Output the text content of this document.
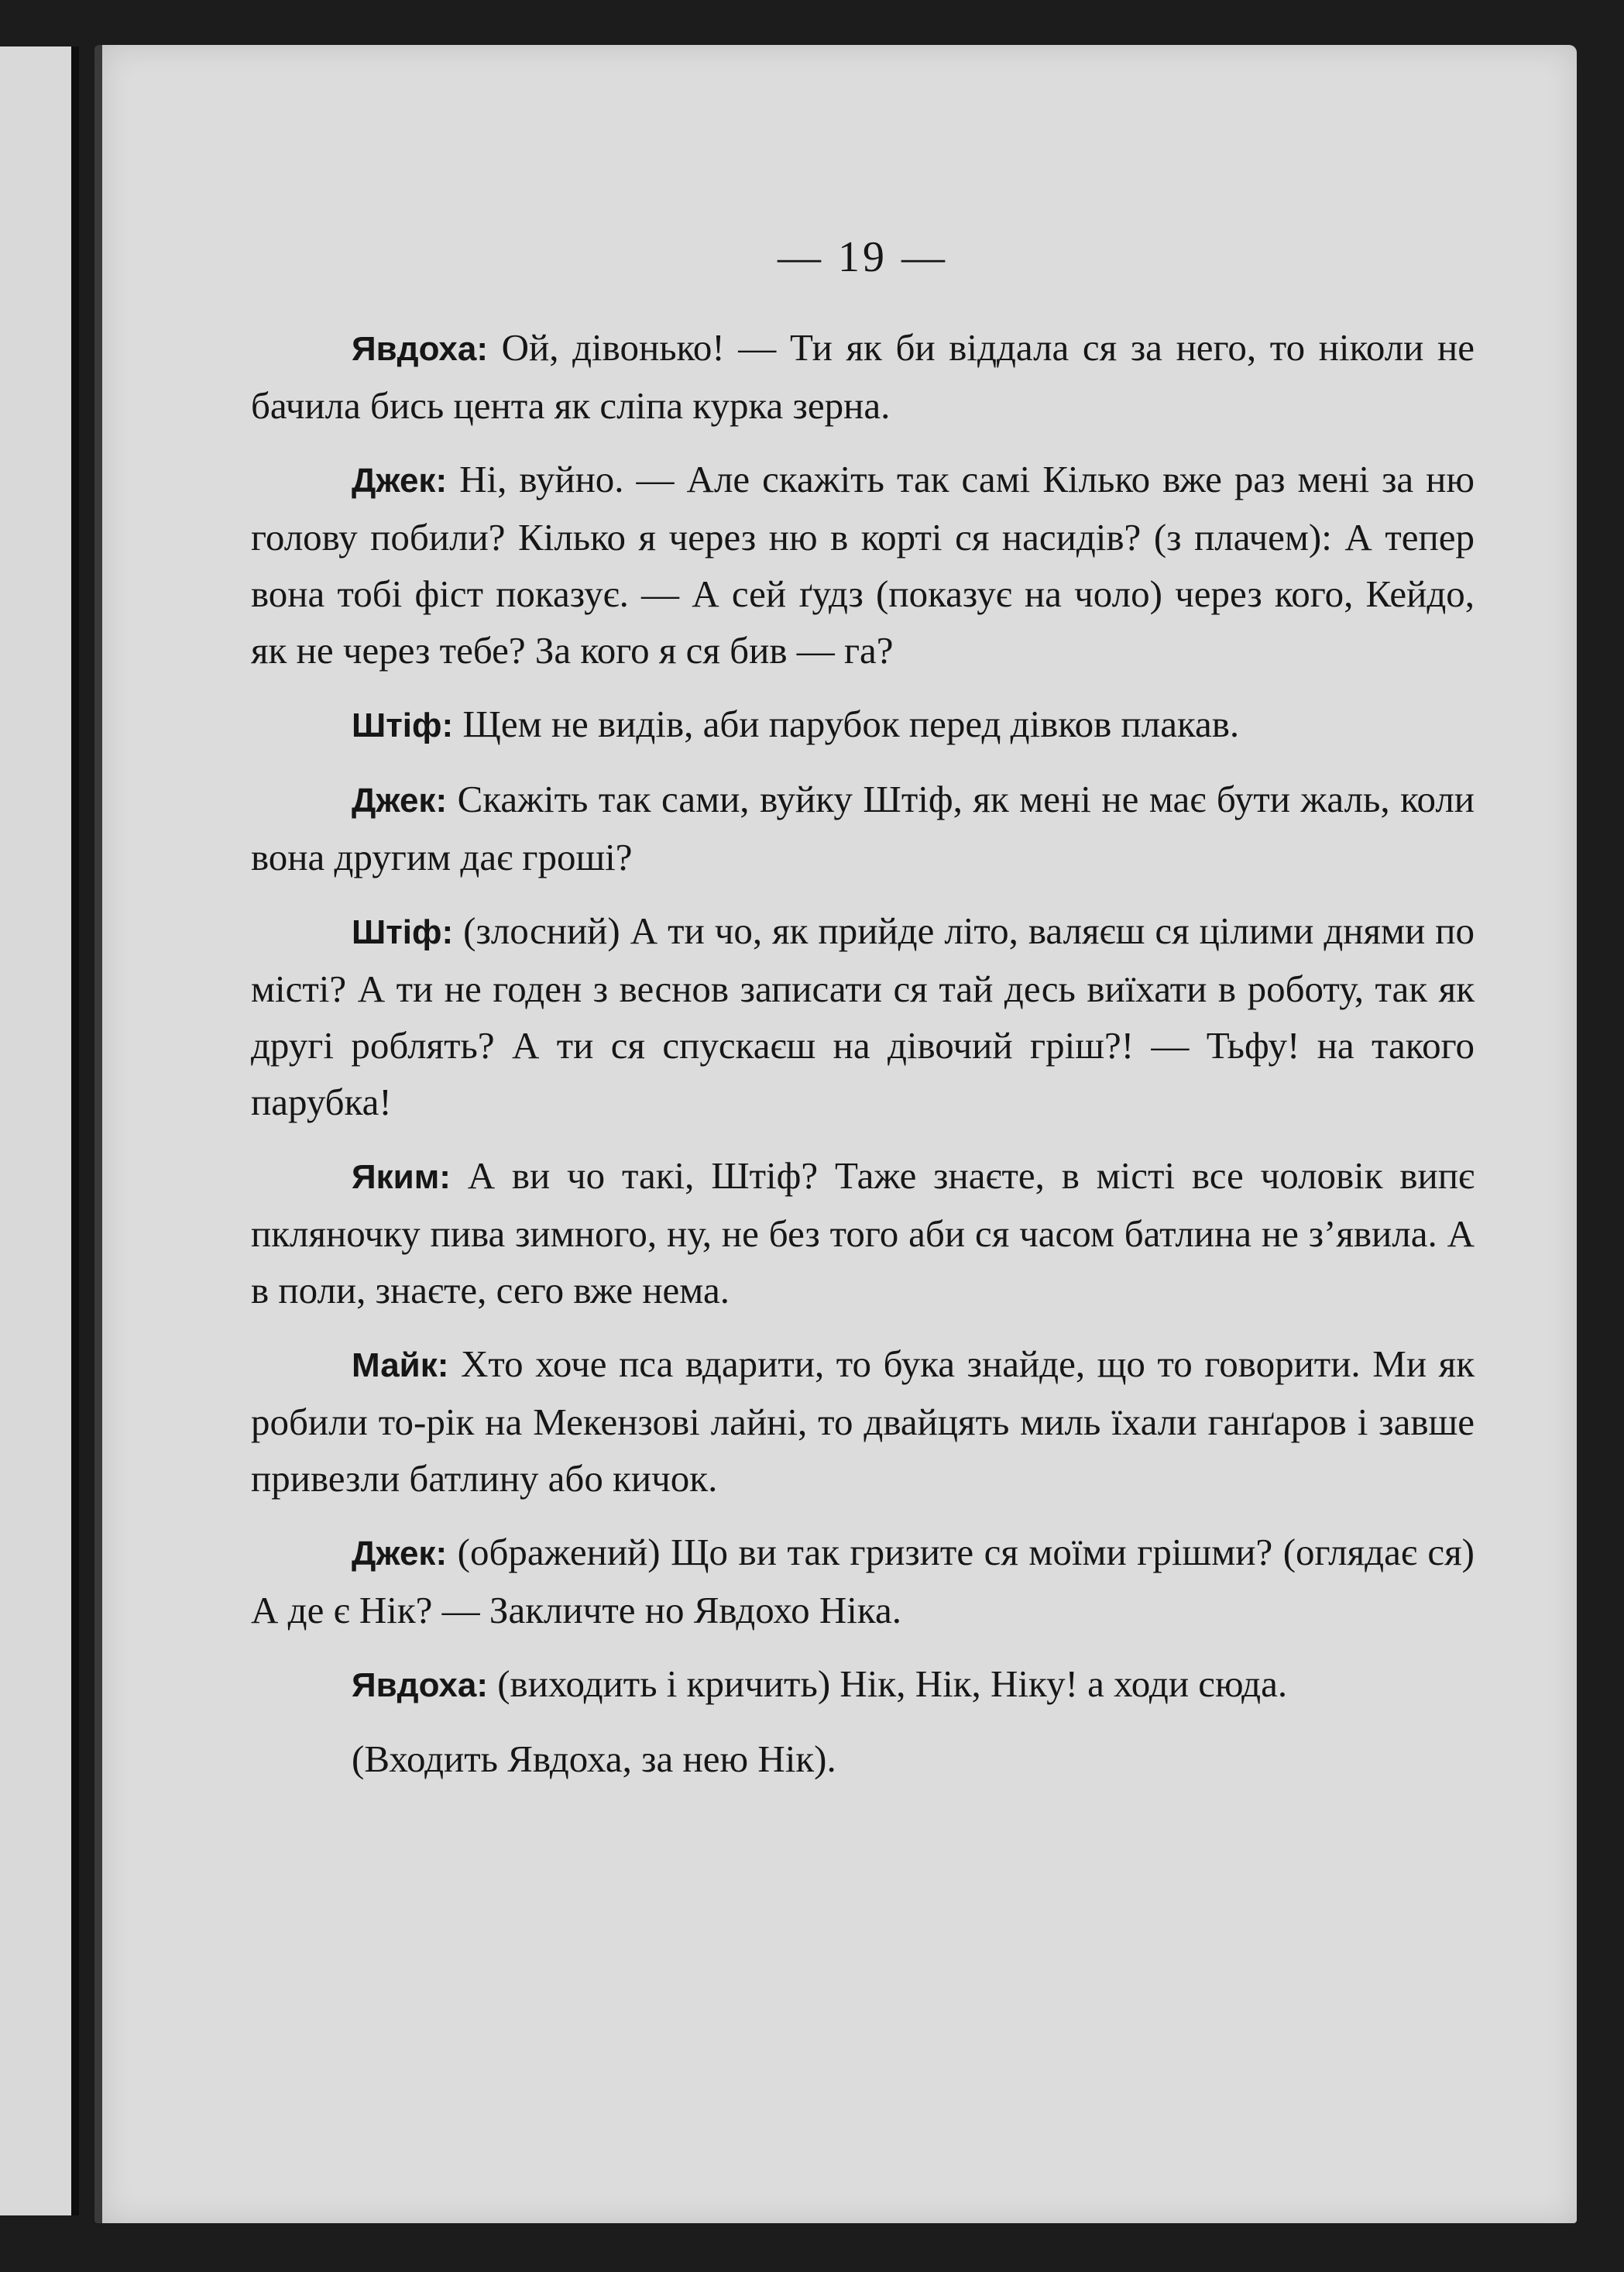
— 19 —

Явдоха: Ой, дівонько! — Ти як би віддала ся за него, то ніколи не бачила бись цента як сліпа курка зерна.

Джек: Ні, вуйно. — Але скажіть так самі Кілько вже раз мені за ню голову побили? Кілько я через ню в корті ся насидів? (з плачем): А тепер вона тобі фіст показує. — А сей ґудз (показує на чоло) через кого, Кейдо, як не через тебе? За кого я ся бив — га?

Штіф: Щем не видів, аби парубок перед дівков плакав.

Джек: Скажіть так сами, вуйку Штіф, як мені не має бути жаль, коли вона другим дає гроші?

Штіф: (злосний) А ти чо, як прийде літо, валяєш ся цілими днями по місті? А ти не годен з веснов записати ся тай десь виїхати в роботу, так як другі роблять? А ти ся спускаєш на дівочий гріш?! — Тьфу! на такого парубка!

Яким: А ви чо такі, Штіф? Таже знаєте, в місті все чоловік випє пкляночку пива зимного, ну, не без того аби ся часом батлина не з’явила. А в поли, знаєте, сего вже нема.

Майк: Хто хоче пса вдарити, то бука знайде, що то говорити. Ми як робили то-рік на Мекензові лайні, то двайцять миль їхали ганґаров і завше привезли батлину або кичок.

Джек: (ображений) Що ви так гризите ся моїми грішми? (оглядає ся) А де є Нік? — Закличте но Явдохо Ніка.

Явдоха: (виходить і кричить) Нік, Нік, Ніку! а ходи сюда.

(Входить Явдоха, за нею Нік).
